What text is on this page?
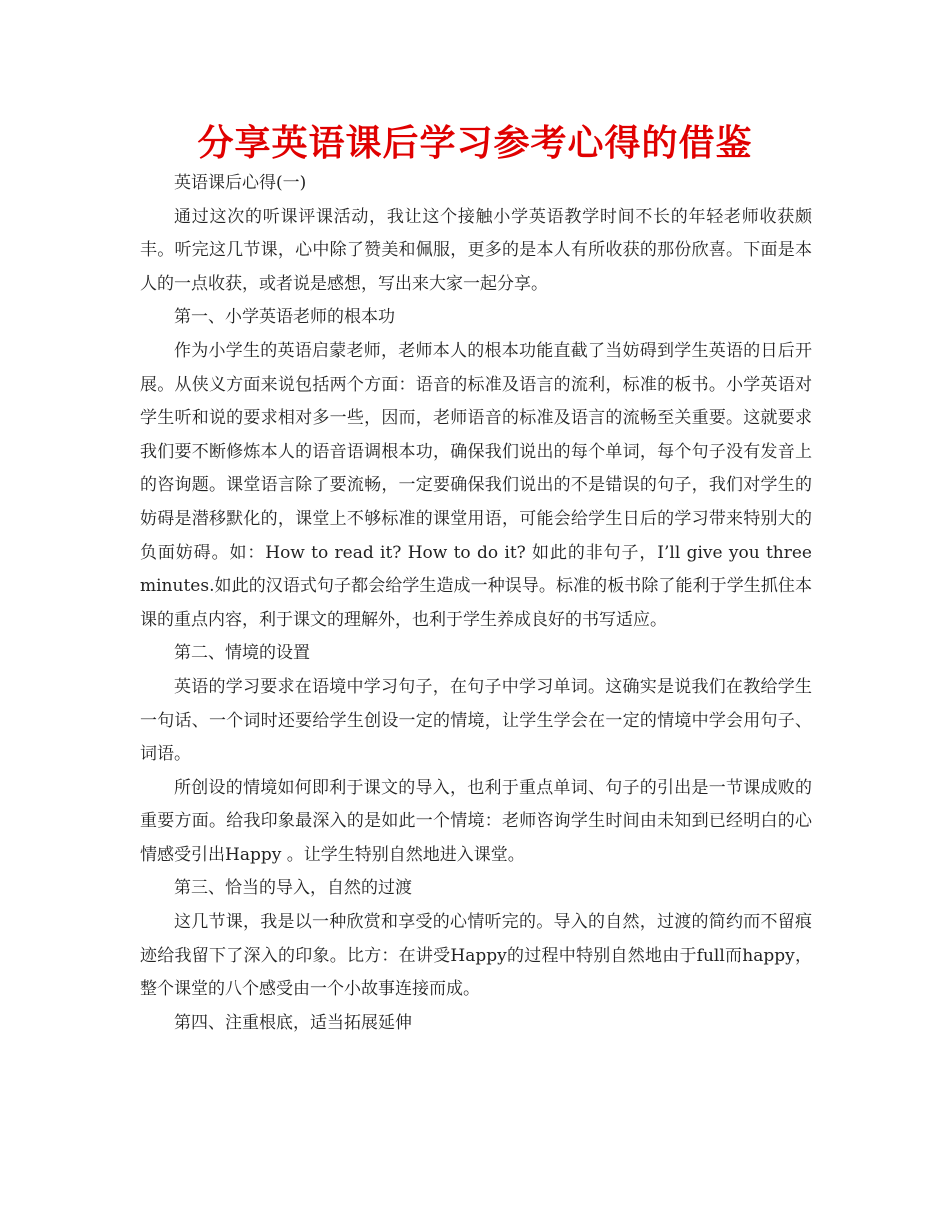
分享英语课后学习参考心得的借鉴

英语课后心得(一)

通过这次的听课评课活动，我让这个接触小学英语教学时间不长的年轻老师收获颇丰。听完这几节课，心中除了赞美和佩服，更多的是本人有所收获的那份欣喜。下面是本人的一点收获，或者说是感想，写出来大家一起分享。

第一、小学英语老师的根本功

作为小学生的英语启蒙老师，老师本人的根本功能直截了当妨碍到学生英语的日后开展。从侠义方面来说包括两个方面：语音的标准及语言的流利，标准的板书。小学英语对学生听和说的要求相对多一些，因而，老师语音的标准及语言的流畅至关重要。这就要求我们要不断修炼本人的语音语调根本功，确保我们说出的每个单词，每个句子没有发音上的咨询题。课堂语言除了要流畅，一定要确保我们说出的不是错误的句子，我们对学生的妨碍是潜移默化的，课堂上不够标准的课堂用语，可能会给学生日后的学习带来特别大的负面妨碍。如：How to read it? How to do it? 如此的非句子，I’ll give you three minutes.如此的汉语式句子都会给学生造成一种误导。标准的板书除了能利于学生抓住本课的重点内容，利于课文的理解外，也利于学生养成良好的书写适应。

第二、情境的设置

英语的学习要求在语境中学习句子，在句子中学习单词。这确实是说我们在教给学生一句话、一个词时还要给学生创设一定的情境，让学生学会在一定的情境中学会用句子、词语。

所创设的情境如何即利于课文的导入，也利于重点单词、句子的引出是一节课成败的重要方面。给我印象最深入的是如此一个情境：老师咨询学生时间由未知到已经明白的心情感受引出Happy 。让学生特别自然地进入课堂。

第三、恰当的导入，自然的过渡

这几节课，我是以一种欣赏和享受的心情听完的。导入的自然，过渡的简约而不留痕迹给我留下了深入的印象。比方：在讲受Happy的过程中特别自然地由于full而happy，整个课堂的八个感受由一个小故事连接而成。

第四、注重根底，适当拓展延伸
